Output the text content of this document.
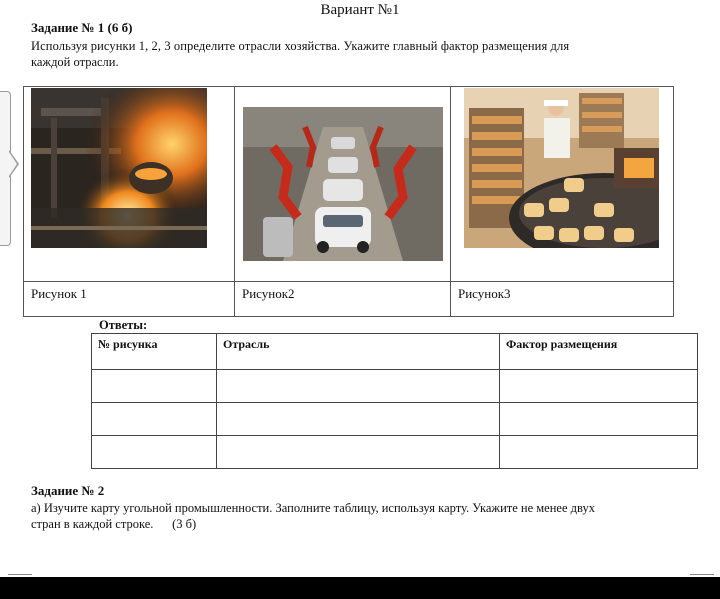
Вариант №1
Задание № 1 (6 б)
Используя рисунки 1, 2, 3 определите отрасли хозяйства. Укажите главный фактор размещения для
каждой отрасли.

Рисунок 1	Рисунок2	Рисунок3
Ответы:
№ рисунка	Отрасль	Фактор размещения

Задание № 2
а) Изучите карту угольной промышленности. Заполните таблицу, используя карту. Укажите не менее двух
стран в каждой строке.      (3 б)
